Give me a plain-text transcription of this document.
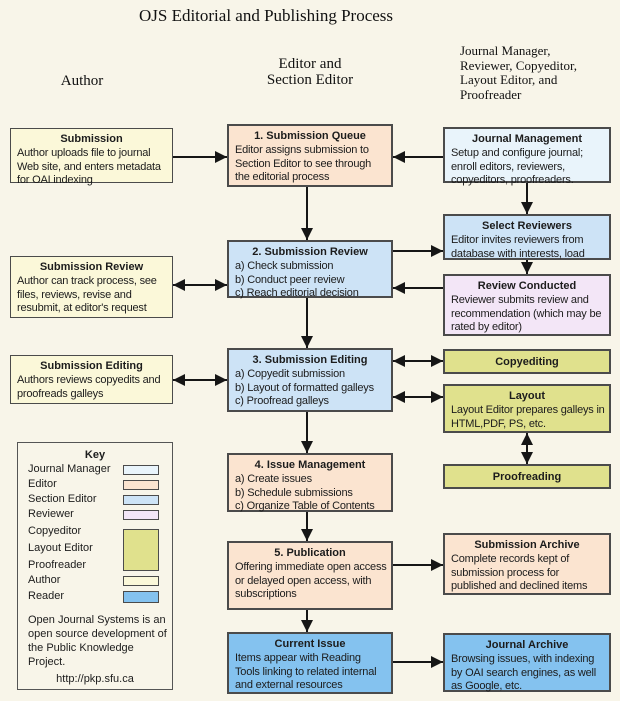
OJS Editorial and Publishing Process
Author
Editor and
Section Editor
Journal Manager,
Reviewer, Copyeditor,
Layout Editor, and
Proofreader
Submission
Author uploads file to journal Web site, and enters metadata for OAI indexing
Submission Review
Author can track process, see files, reviews, revise and resubmit, at editor's request
Submission Editing
Authors reviews copyedits and proofreads galleys
1. Submission Queue
Editor assigns submission to Section Editor to see through the editorial process
2. Submission Review
a) Check submission
b) Conduct peer review
c) Reach editorial decision
3. Submission Editing
a) Copyedit submission
b) Layout of formatted galleys
c) Proofread galleys
4. Issue Management
a) Create issues
b) Schedule submissions
c) Organize Table of Contents
5. Publication
Offering immediate open access or delayed open access, with subscriptions
Current Issue
Items appear with Reading Tools linking to related internal and external resources
Journal Management
Setup and configure journal; enroll editors, reviewers, copyeditors, proofreaders.
Select Reviewers
Editor invites reviewers from database with interests, load
Review Conducted
Reviewer submits review and recommendation (which may be rated by editor)
Copyediting
Layout
Layout Editor prepares galleys in HTML,PDF, PS, etc.
Proofreading
Submission Archive
Complete records kept of submission process for published and declined items
Journal Archive
Browsing issues, with indexing by OAI search engines, as well as Google, etc.
Key
Journal Manager
Editor
Section Editor
Reviewer
Copyeditor
Layout Editor
Proofreader
Author
Reader
Open Journal Systems is an open source development of the Public Knowledge Project.
http://pkp.sfu.ca
